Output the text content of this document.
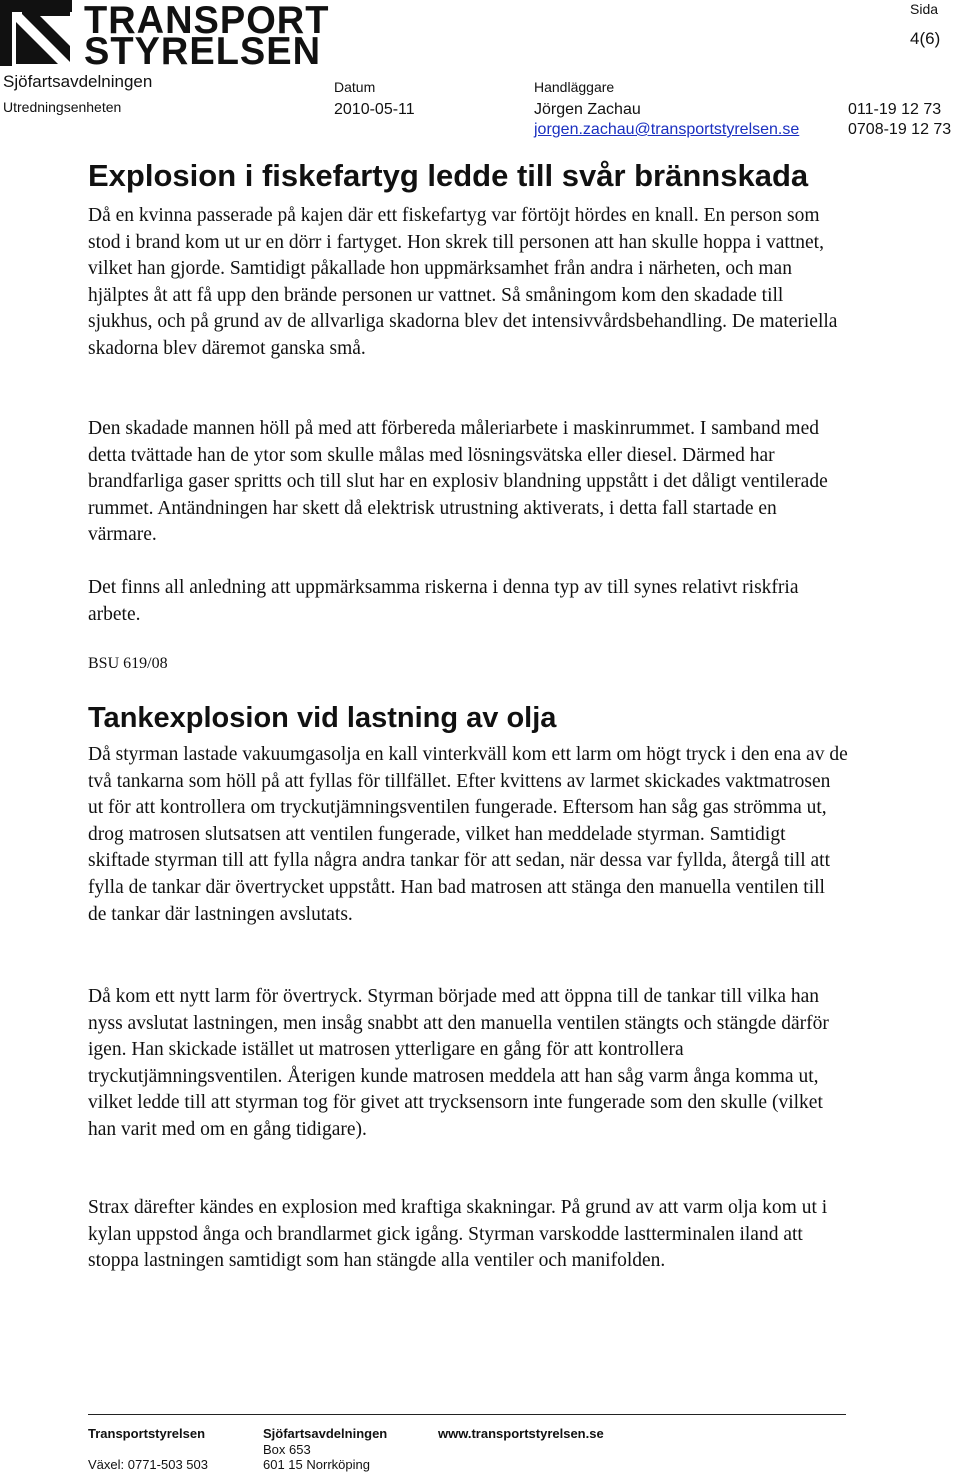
TRANSPORT
STYRELSEN
Sjöfartsavdelningen
Utredningsenheten
Datum
2010-05-11
Handläggare
Jörgen Zachau
jorgen.zachau@transportstyrelsen.se
011-19 12 73
0708-19 12 73
Sida
4(6)
Explosion i fiskefartyg ledde till svår brännskada

Då en kvinna passerade på kajen där ett fiskefartyg var förtöjt hördes en knall. En person som stod i brand kom ut ur en dörr i fartyget. Hon skrek till personen att han skulle hoppa i vattnet, vilket han gjorde. Samtidigt påkallade hon uppmärksamhet från andra i närheten, och man hjälptes åt att få upp den brände personen ur vattnet. Så småningom kom den skadade till sjukhus, och på grund av de allvarliga skadorna blev det intensivvårdsbehandling. De materiella skadorna blev däremot ganska små.

Den skadade mannen höll på med att förbereda måleriarbete i maskinrummet. I samband med detta tvättade han de ytor som skulle målas med lösningsvätska eller diesel. Därmed har brandfarliga gaser spritts och till slut har en explosiv blandning uppstått i det dåligt ventilerade rummet. Antändningen har skett då elektrisk utrustning aktiverats, i detta fall startade en värmare.

Det finns all anledning att uppmärksamma riskerna i denna typ av till synes relativt riskfria arbete.

BSU 619/08
Tankexplosion vid lastning av olja

Då styrman lastade vakuumgasolja en kall vinterkväll kom ett larm om högt tryck i den ena av de två tankarna som höll på att fyllas för tillfället. Efter kvittens av larmet skickades vaktmatrosen ut för att kontrollera om tryckutjämningsventilen fungerade. Eftersom han såg gas strömma ut, drog matrosen slutsatsen att ventilen fungerade, vilket han meddelade styrman. Samtidigt skiftade styrman till att fylla några andra tankar för att sedan, när dessa var fyllda, återgå till att fylla de tankar där övertrycket uppstått. Han bad matrosen att stänga den manuella ventilen till de tankar där lastningen avslutats.

Då kom ett nytt larm för övertryck. Styrman började med att öppna till de tankar till vilka han nyss avslutat lastningen, men insåg snabbt att den manuella ventilen stängts och stängde därför igen. Han skickade istället ut matrosen ytterligare en gång för att kontrollera tryckutjämningsventilen. Återigen kunde matrosen meddela att han såg varm ånga komma ut, vilket ledde till att styrman tog för givet att trycksensorn inte fungerade som den skulle (vilket han varit med om en gång tidigare).

Strax därefter kändes en explosion med kraftiga skakningar. På grund av att varm olja kom ut i kylan uppstod ånga och brandlarmet gick igång. Styrman varskodde lastterminalen iland att stoppa lastningen samtidigt som han stängde alla ventiler och manifolden.

Transportstyrelsen
Växel: 0771-503 503
Sjöfartsavdelningen
Box 653
601 15 Norrköping
www.transportstyrelsen.se
